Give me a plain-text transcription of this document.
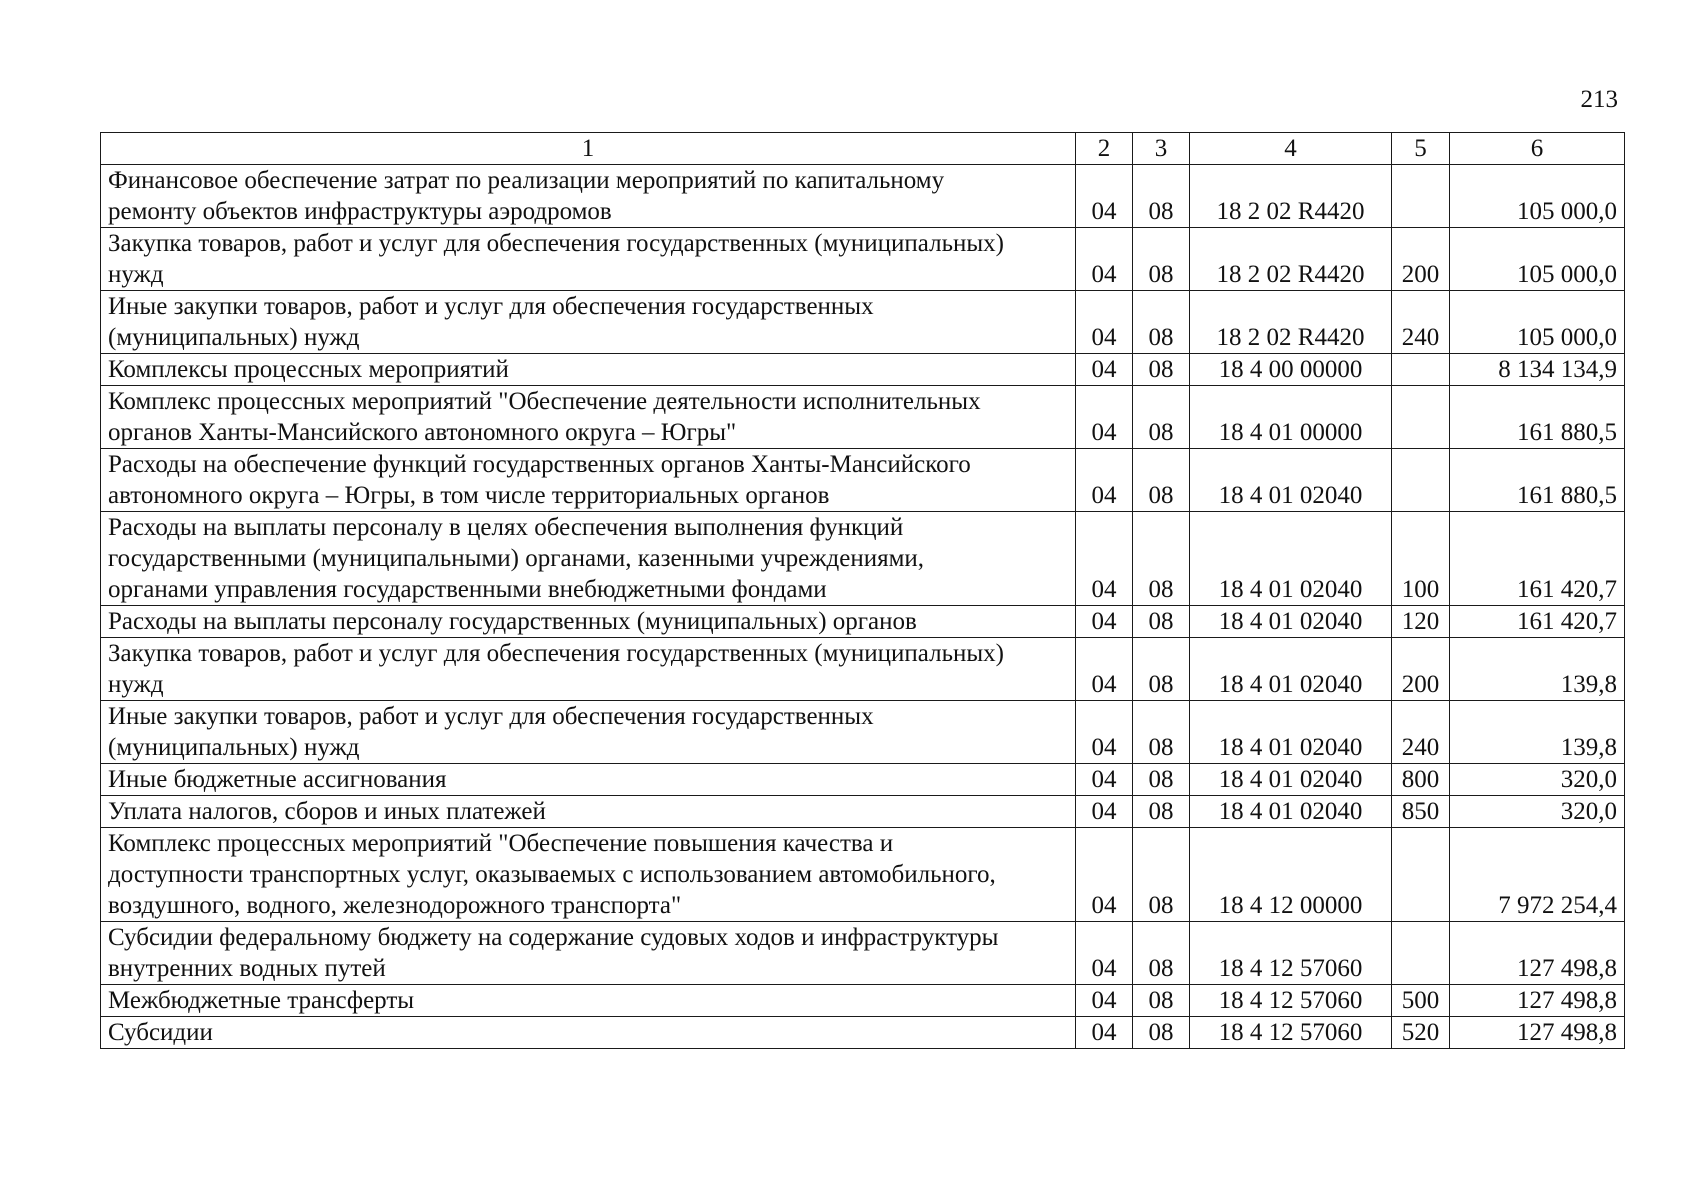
213
1	2	3	4	5	6

Финансовое обеспечение затрат по реализации мероприятий по капитальному
ремонту объектов инфраструктуры аэродромов	04	08	18 2 02 R4420		105 000,0

Закупка товаров, работ и услуг для обеспечения государственных (муниципальных)
нужд	04	08	18 2 02 R4420	200	105 000,0

Иные закупки товаров, работ и услуг для обеспечения государственных
(муниципальных) нужд	04	08	18 2 02 R4420	240	105 000,0

Комплексы процессных мероприятий	04	08	18 4 00 00000		8 134 134,9

Комплекс процессных мероприятий "Обеспечение деятельности исполнительных
органов Ханты-Мансийского автономного округа – Югры"	04	08	18 4 01 00000		161 880,5

Расходы на обеспечение функций государственных органов Ханты-Мансийского
автономного округа – Югры, в том числе территориальных органов	04	08	18 4 01 02040		161 880,5

Расходы на выплаты персоналу в целях обеспечения выполнения функций
государственными (муниципальными) органами, казенными учреждениями,
органами управления государственными внебюджетными фондами	04	08	18 4 01 02040	100	161 420,7

Расходы на выплаты персоналу государственных (муниципальных) органов	04	08	18 4 01 02040	120	161 420,7

Закупка товаров, работ и услуг для обеспечения государственных (муниципальных)
нужд	04	08	18 4 01 02040	200	139,8

Иные закупки товаров, работ и услуг для обеспечения государственных
(муниципальных) нужд	04	08	18 4 01 02040	240	139,8

Иные бюджетные ассигнования	04	08	18 4 01 02040	800	320,0

Уплата налогов, сборов и иных платежей	04	08	18 4 01 02040	850	320,0

Комплекс процессных мероприятий "Обеспечение повышения качества и
доступности транспортных услуг, оказываемых с использованием автомобильного,
воздушного, водного, железнодорожного транспорта"	04	08	18 4 12 00000		7 972 254,4

Субсидии федеральному бюджету на содержание судовых ходов и инфраструктуры
внутренних водных путей	04	08	18 4 12 57060		127 498,8

Межбюджетные трансферты	04	08	18 4 12 57060	500	127 498,8

Субсидии	04	08	18 4 12 57060	520	127 498,8
